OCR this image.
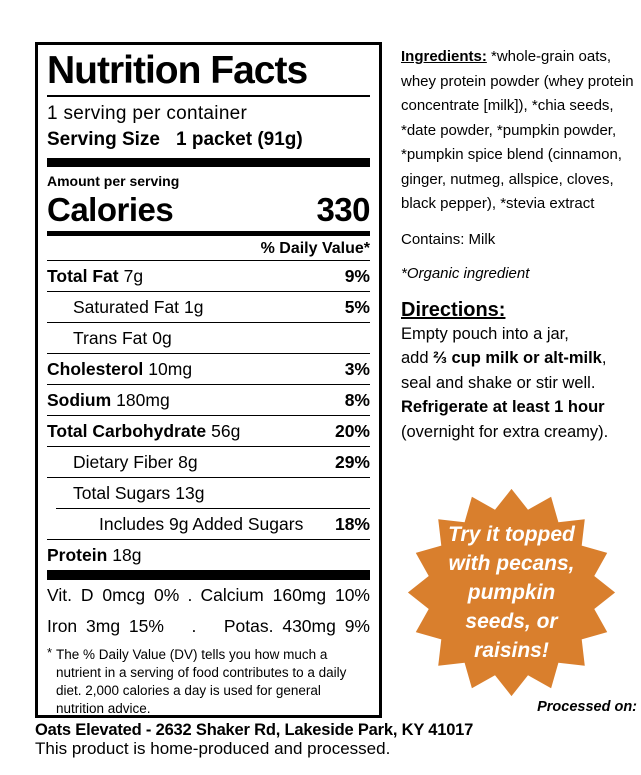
Nutrition Facts
1 serving per container
Serving Size 1 packet (91g)
Amount per serving
Calories	330
% Daily Value*
Total Fat 7g	9%
Saturated Fat 1g	5%
Trans Fat 0g
Cholesterol 10mg	3%
Sodium 180mg	8%
Total Carbohydrate 56g	20%
Dietary Fiber 8g	29%
Total Sugars 13g
Includes 9g Added Sugars 18%
Protein 18g
Vit. D 0mcg 0% . Calcium 160mg 10%
Iron 3mg 15% . Potas. 430mg 9%
* The % Daily Value (DV) tells you how much a nutrient in a serving of food contributes to a daily diet. 2,000 calories a day is used for general nutrition advice.
Ingredients: *whole-grain oats, whey protein powder (whey protein concentrate [milk]), *chia seeds, *date powder, *pumpkin powder, *pumpkin spice blend (cinnamon, ginger, nutmeg, allspice, cloves, black pepper), *stevia extract
Contains: Milk
*Organic ingredient
Directions:
Empty pouch into a jar,
add ⅔ cup milk or alt-milk,
seal and shake or stir well.
Refrigerate at least 1 hour
(overnight for extra creamy).
Try it topped
with pecans,
pumpkin
seeds, or
raisins!
Processed on:
Oats Elevated - 2632 Shaker Rd, Lakeside Park, KY 41017
This product is home-produced and processed.
